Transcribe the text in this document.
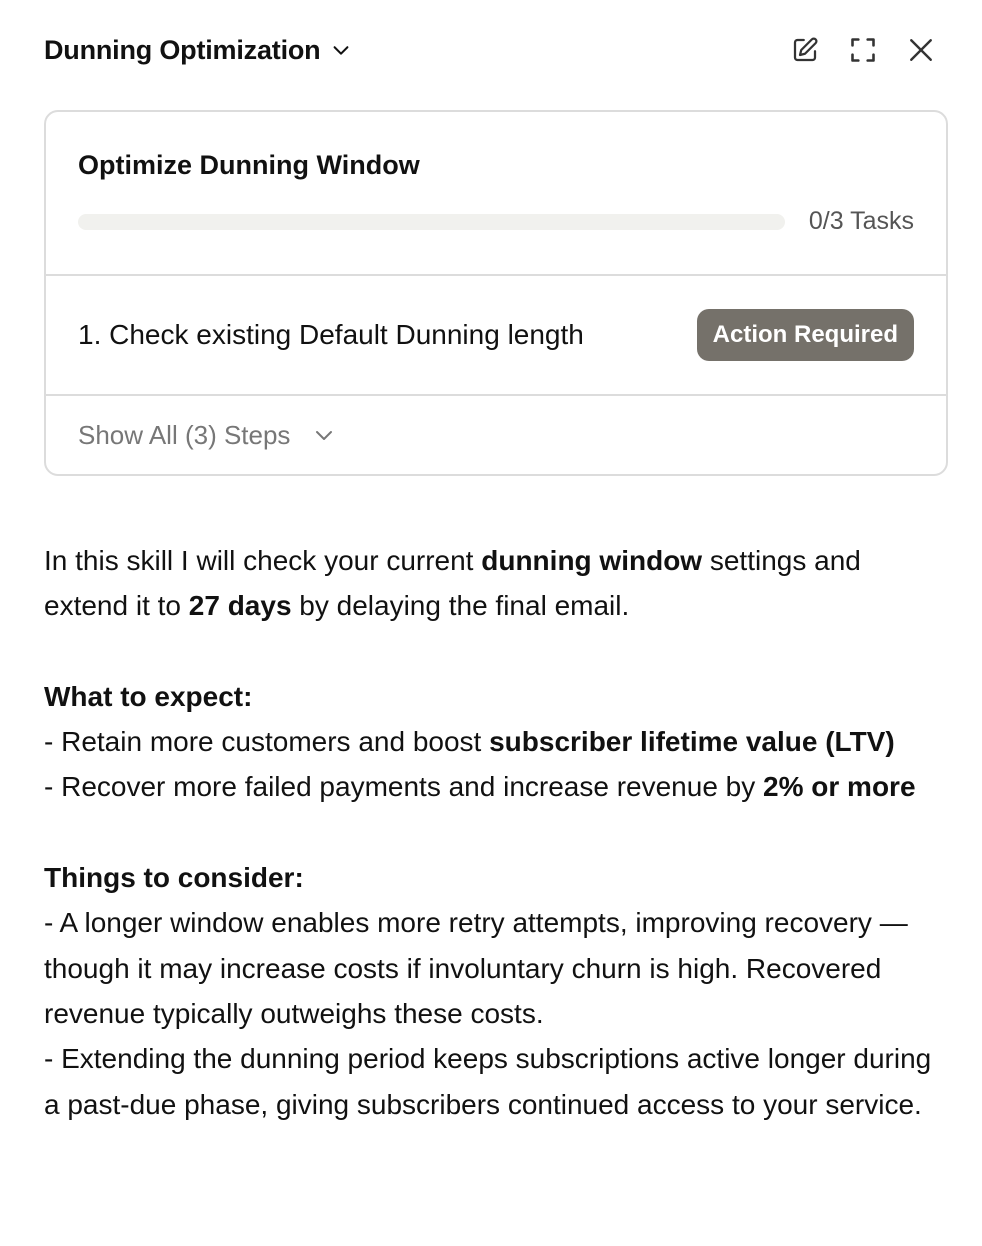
Dunning Optimization
Optimize Dunning Window
0/3 Tasks
1. Check existing Default Dunning length	Action Required
Show All (3) Steps

In this skill I will check your current dunning window settings and extend it to 27 days by delaying the final email.

What to expect:

- Retain more customers and boost subscriber lifetime value (LTV)

- Recover more failed payments and increase revenue by 2% or more

Things to consider:

- A longer window enables more retry attempts, improving recovery — though it may increase costs if involuntary churn is high. Recovered revenue typically outweighs these costs.

- Extending the dunning period keeps subscriptions active longer during a past-due phase, giving subscribers continued access to your service.
